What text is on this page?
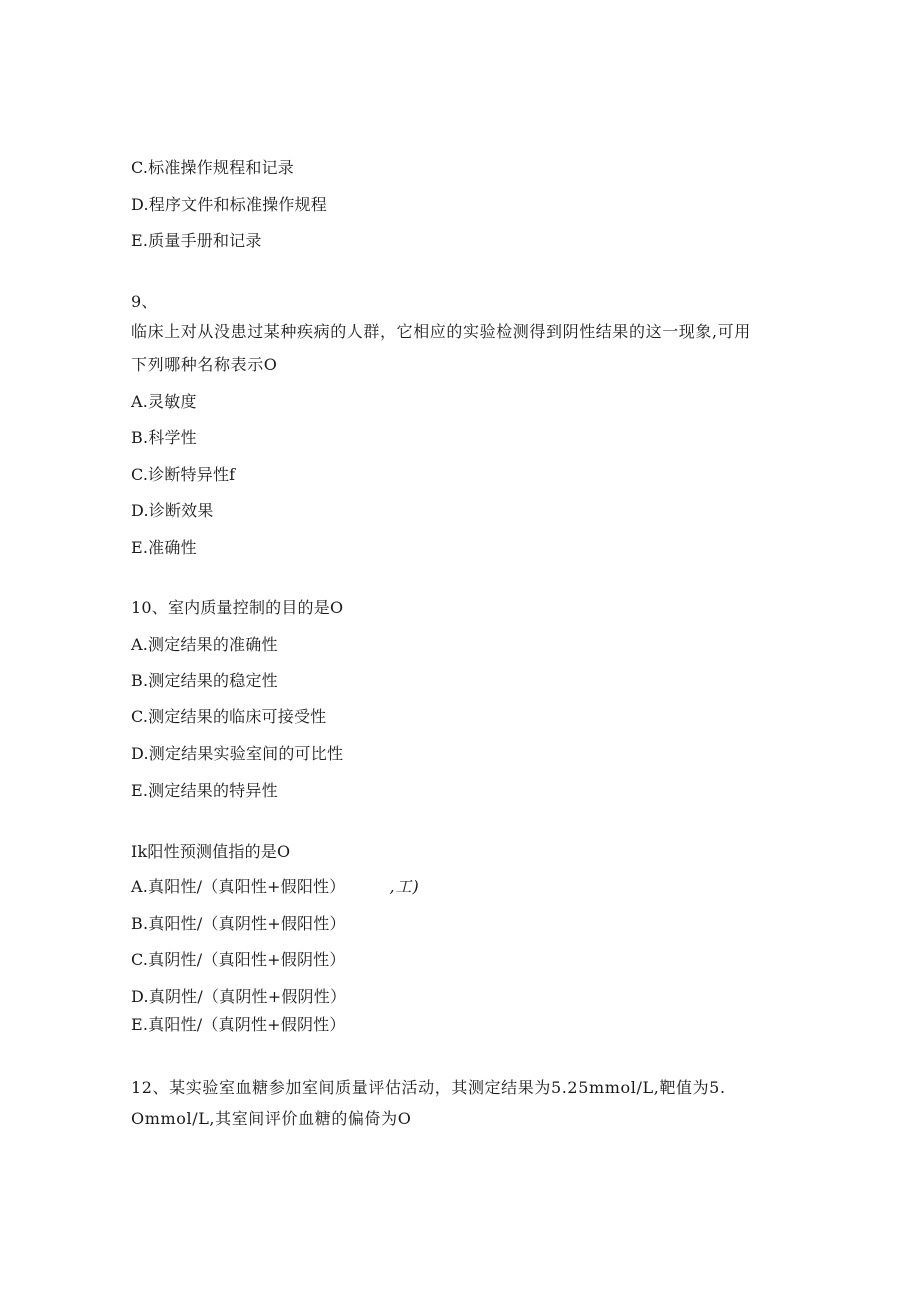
C.标准操作规程和记录
D.程序文件和标准操作规程
E.质量手册和记录
9、
临床上对从没患过某种疾病的人群，它相应的实验检测得到阴性结果的这一现象,可用
下列哪种名称表示O
A.灵敏度
B.科学性
C.诊断特异性f
D.诊断效果
E.准确性
10、室内质量控制的目的是O
A.测定结果的准确性
B.测定结果的稳定性
C.测定结果的临床可接受性
D.测定结果实验室间的可比性
E.测定结果的特异性
Ik阳性预测值指的是O
A.真阳性/（真阳性+假阳性）	,工)
B.真阳性/（真阴性+假阳性）
C.真阴性/（真阳性+假阴性）
D.真阴性/（真阴性+假阴性）
E.真阳性/（真阴性+假阴性）
12、某实验室血糖参加室间质量评估活动，其测定结果为5.25mmol/L,靶值为5.
Ommol/L,其室间评价血糖的偏倚为O
